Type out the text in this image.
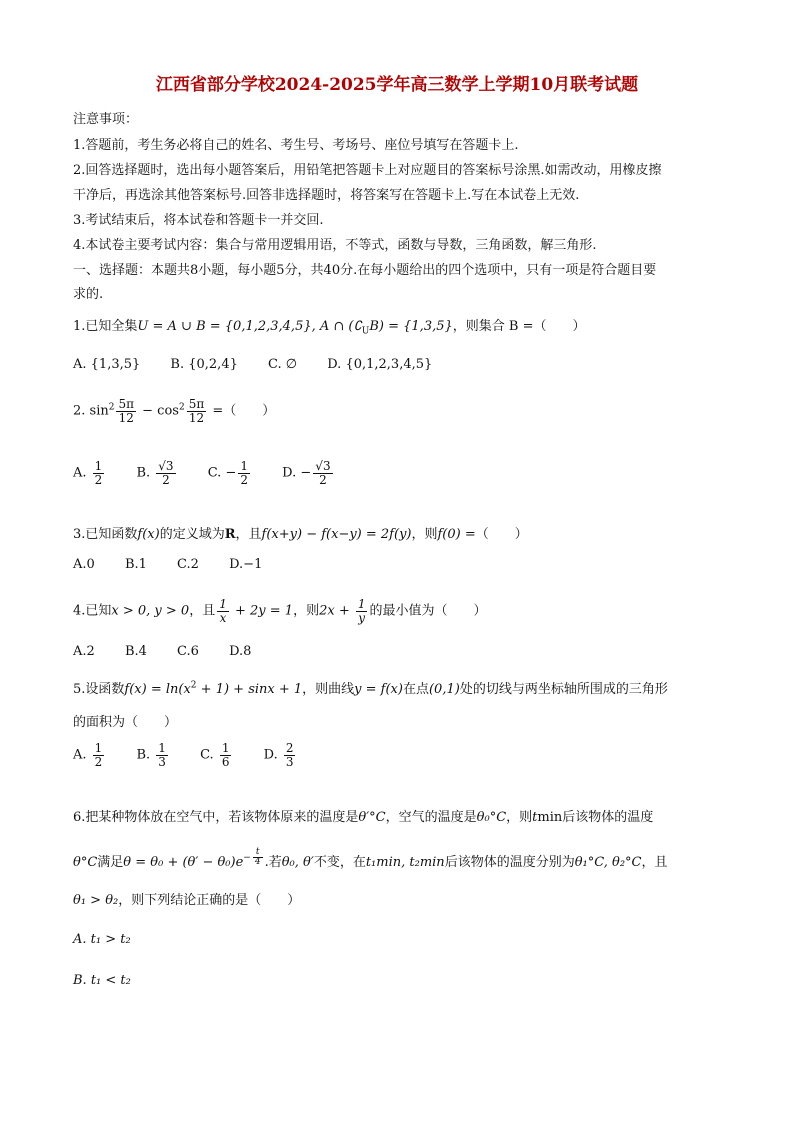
江西省部分学校2024-2025学年高三数学上学期10月联考试题
注意事项：
1.答题前，考生务必将自己的姓名、考生号、考场号、座位号填写在答题卡上.
2.回答选择题时，选出每小题答案后，用铅笔把答题卡上对应题目的答案标号涂黑.如需改动，用橡皮擦
干净后，再选涂其他答案标号.回答非选择题时，将答案写在答题卡上.写在本试卷上无效.
3.考试结束后，将本试卷和答题卡一并交回.
4.本试卷主要考试内容：集合与常用逻辑用语，不等式，函数与导数，三角函数，解三角形.
一、选择题：本题共8小题，每小题5分，共40分.在每小题给出的四个选项中，只有一项是符合题目要
求的.
1.已知全集U = A ∪ B = {0,1,2,3,4,5}, A ∩ $(∁_UB) = \{1,3,5\}$，则集合 B =（　　）
A. {1,3,5} B. {0,2,4} C. ∅ D. {0,1,2,3,4,5}
2. $\sin^2 \frac{5\pi}{12} - \cos^2 \frac{5\pi}{12}$ =（　　）
A. $\frac{1}{2} B$. $\frac{√3}{2} C$. − $\frac{1}{2} D$. − $\frac{√3}{2}$
3.已知函数f(x)的定义域为R，且f(x+y) − f(x−y) = 2f(y)，则f(0) =（　　）
A.0 B.1 C.2 D.−1
4.已知x > 0, y > 0，且 $\frac{1}{x} + 2y = 1$，则$2x + \frac{1}{y}$ 的最小值为（　　）
A.2 B.4 C.6 D.8
5.设函数$f(x) = \ln(x^2 + 1) + \sin x + 1$，则曲线y = f(x)在点(0,1)处的切线与两坐标轴所围成的三角形
的面积为（　　）
A. $\frac{1}{2} B$. $\frac{1}{3} C$. $\frac{1}{6} D$. $\frac{2}{3}$
6.把某种物体放在空气中，若该物体原来的温度是θ′°C，空气的温度是θ₀°C，则tmin后该物体的温度
θ°C满足$\theta = \theta_0 + (\theta' - \theta_0)e^{- \frac{t}{4}}$ .若θ₀, θ′不变，在t₁min, t₂min后该物体的温度分别为θ₁°C, θ₂°C，且
θ₁ > θ₂，则下列结论正确的是（　　）
A. t₁ > t₂
B. t₁ < t₂
